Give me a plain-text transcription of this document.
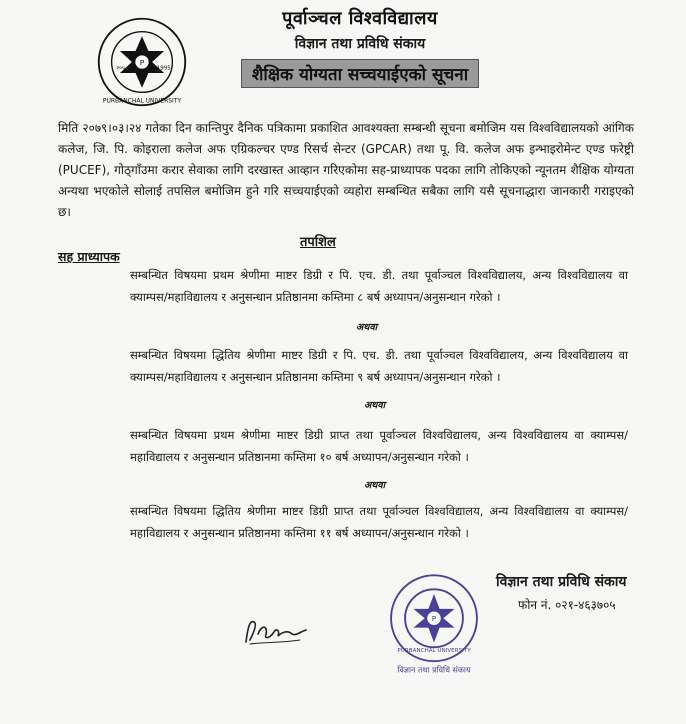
P
२०५	1995
PURBANCHAL UNIVERSITY
पूर्वाञ्चल विश्वविद्यालय
विज्ञान तथा प्रविधि संकाय
शैक्षिक योग्यता सच्चयाईएको सूचना
मिति २०७९।०३।२४ गतेका दिन कान्तिपुर दैनिक पत्रिकामा प्रकाशित आवश्यक्ता सम्बन्धी सूचना बमोजिम यस विश्वविद्यालयको आंगिक कलेज, जि. पि. कोइराला कलेज अफ एग्रिकल्चर एण्ड रिसर्च सेन्टर (GPCAR) तथा पू. वि. कलेज अफ इन्भाइरोमेन्ट एण्ड फरेष्ट्री (PUCEF), गोठ्गाँउमा करार सेवाका लागि दरखास्त आव्हान गरिएकोमा सह-प्राध्यापक पदका लागि तोकिएको न्यूनतम शैक्षिक योग्यता अन्यथा भएकोले सोलाई तपसिल बमोजिम हुने गरि सच्चयाईएको व्यहोरा सम्बन्धित सबैका लागि यसै सूचनाद्धारा जानकारी गराइएको छ।
तपशिल
सह प्राध्यापक
सम्बन्धित विषयमा प्रथम श्रेणीमा माष्टर डिग्री र पि. एच. डी. तथा पूर्वाञ्चल विश्वविद्यालय, अन्य विश्वविद्यालय वा क्याम्पस/महाविद्यालय र अनुसन्धान प्रतिष्ठानमा कम्तिमा ८ बर्ष अध्यापन/अनुसन्धान गरेको ।
अथवा
सम्बन्धित विषयमा द्धितिय श्रेणीमा माष्टर डिग्री र पि. एच. डी. तथा पूर्वाञ्चल विश्वविद्यालय, अन्य विश्वविद्यालय वा क्याम्पस/महाविद्यालय र अनुसन्धान प्रतिष्ठानमा कम्तिमा ९ बर्ष अध्यापन/अनुसन्धान गरेको ।
अथवा
सम्बन्धित विषयमा प्रथम श्रेणीमा माष्टर डिग्री प्राप्त तथा पूर्वाञ्चल विश्वविद्यालय, अन्य विश्वविद्यालय वा क्याम्पस/महाविद्यालय र अनुसन्धान प्रतिष्ठानमा कम्तिमा १० बर्ष अध्यापन/अनुसन्धान गरेको ।
अथवा
सम्बन्धित विषयमा द्धितिय श्रेणीमा माष्टर डिग्री प्राप्त तथा पूर्वाञ्चल विश्वविद्यालय, अन्य विश्वविद्यालय वा क्याम्पस/महाविद्यालय र अनुसन्धान प्रतिष्ठानमा कम्तिमा ११ बर्ष अध्यापन/अनुसन्धान गरेको ।
विज्ञान तथा प्रविधि संकाय
फोन नं. ०२१-४६३७०५
P
विज्ञान तथा प्रविधि संकाय
PURBANCHAL UNIVERSITY
